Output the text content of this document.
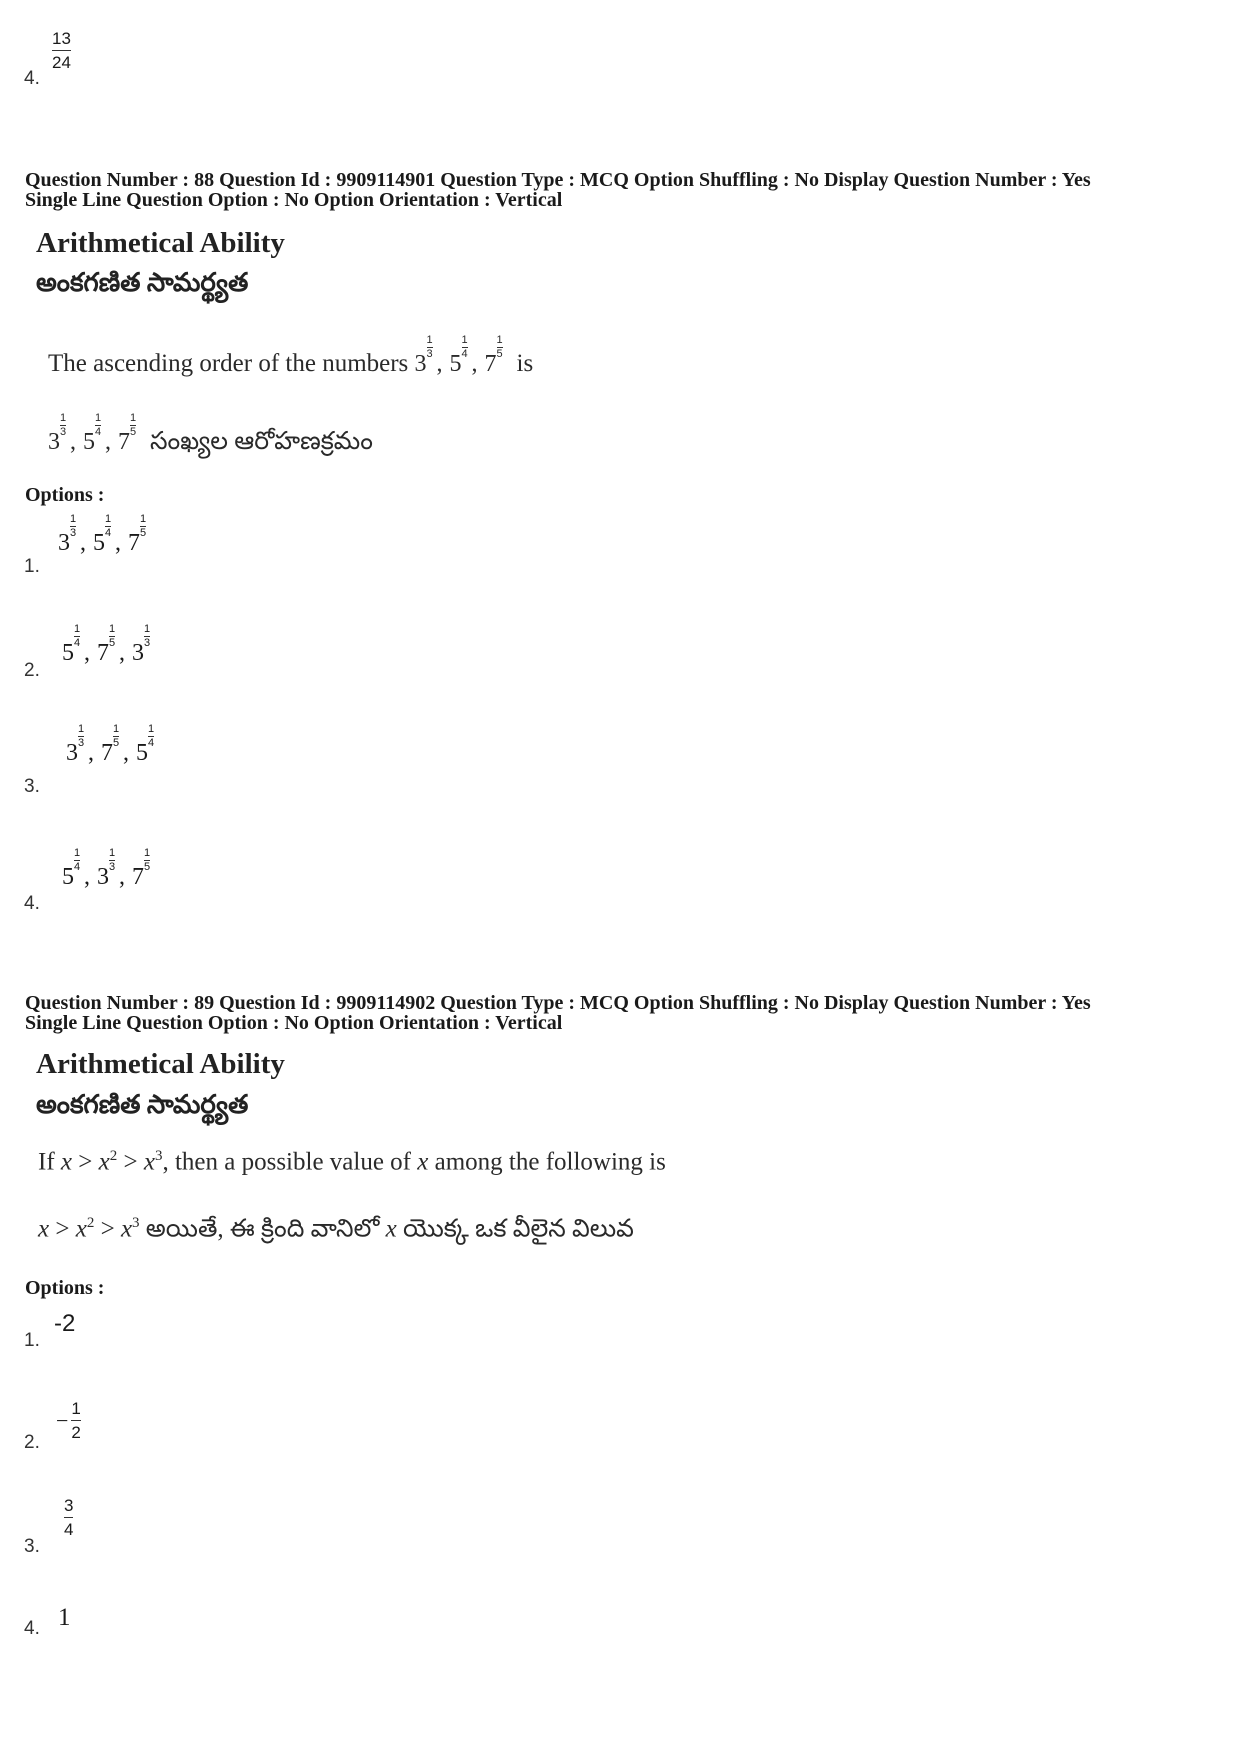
$\frac{13}{24}$
4.
Question Number : 88 Question Id : 9909114901 Question Type : MCQ Option Shuffling : No Display Question Number : Yes
Single Line Question Option : No Option Orientation : Vertical
Arithmetical Ability
అంకగణిత సామర్థ్యత
The ascending order of the numbers 3
1
3 , 5
1
4 , 7
1
5 is
3
1
3 , 5
1
4 , 7
1
5 సంఖ్యల ఆరోహణక్రమం
Options :
3
1
3 , 5
1
4 , 7
1
5
1.
5
1
4 , 7
1
5 , 3
1
3
2.
3
1
3 , 7
1
5 , 5
1
4
3.
5
1
4 , 3
1
3 , 7
1
5
4.
Question Number : 89 Question Id : 9909114902 Question Type : MCQ Option Shuffling : No Display Question Number : Yes
Single Line Question Option : No Option Orientation : Vertical
Arithmetical Ability
అంకగణిత సామర్థ్యత
If $x > x^2 > x^3$, then a possible value of x among the following is
$x > x^2 > x^3$ అయితే, ఈ క్రింది వానిలో x యొక్క ఒక వీలైన విలువ
Options :
-2
1.
− $\frac{1}{2}$
2.
$\frac{3}{4}$
3.
1
4.
